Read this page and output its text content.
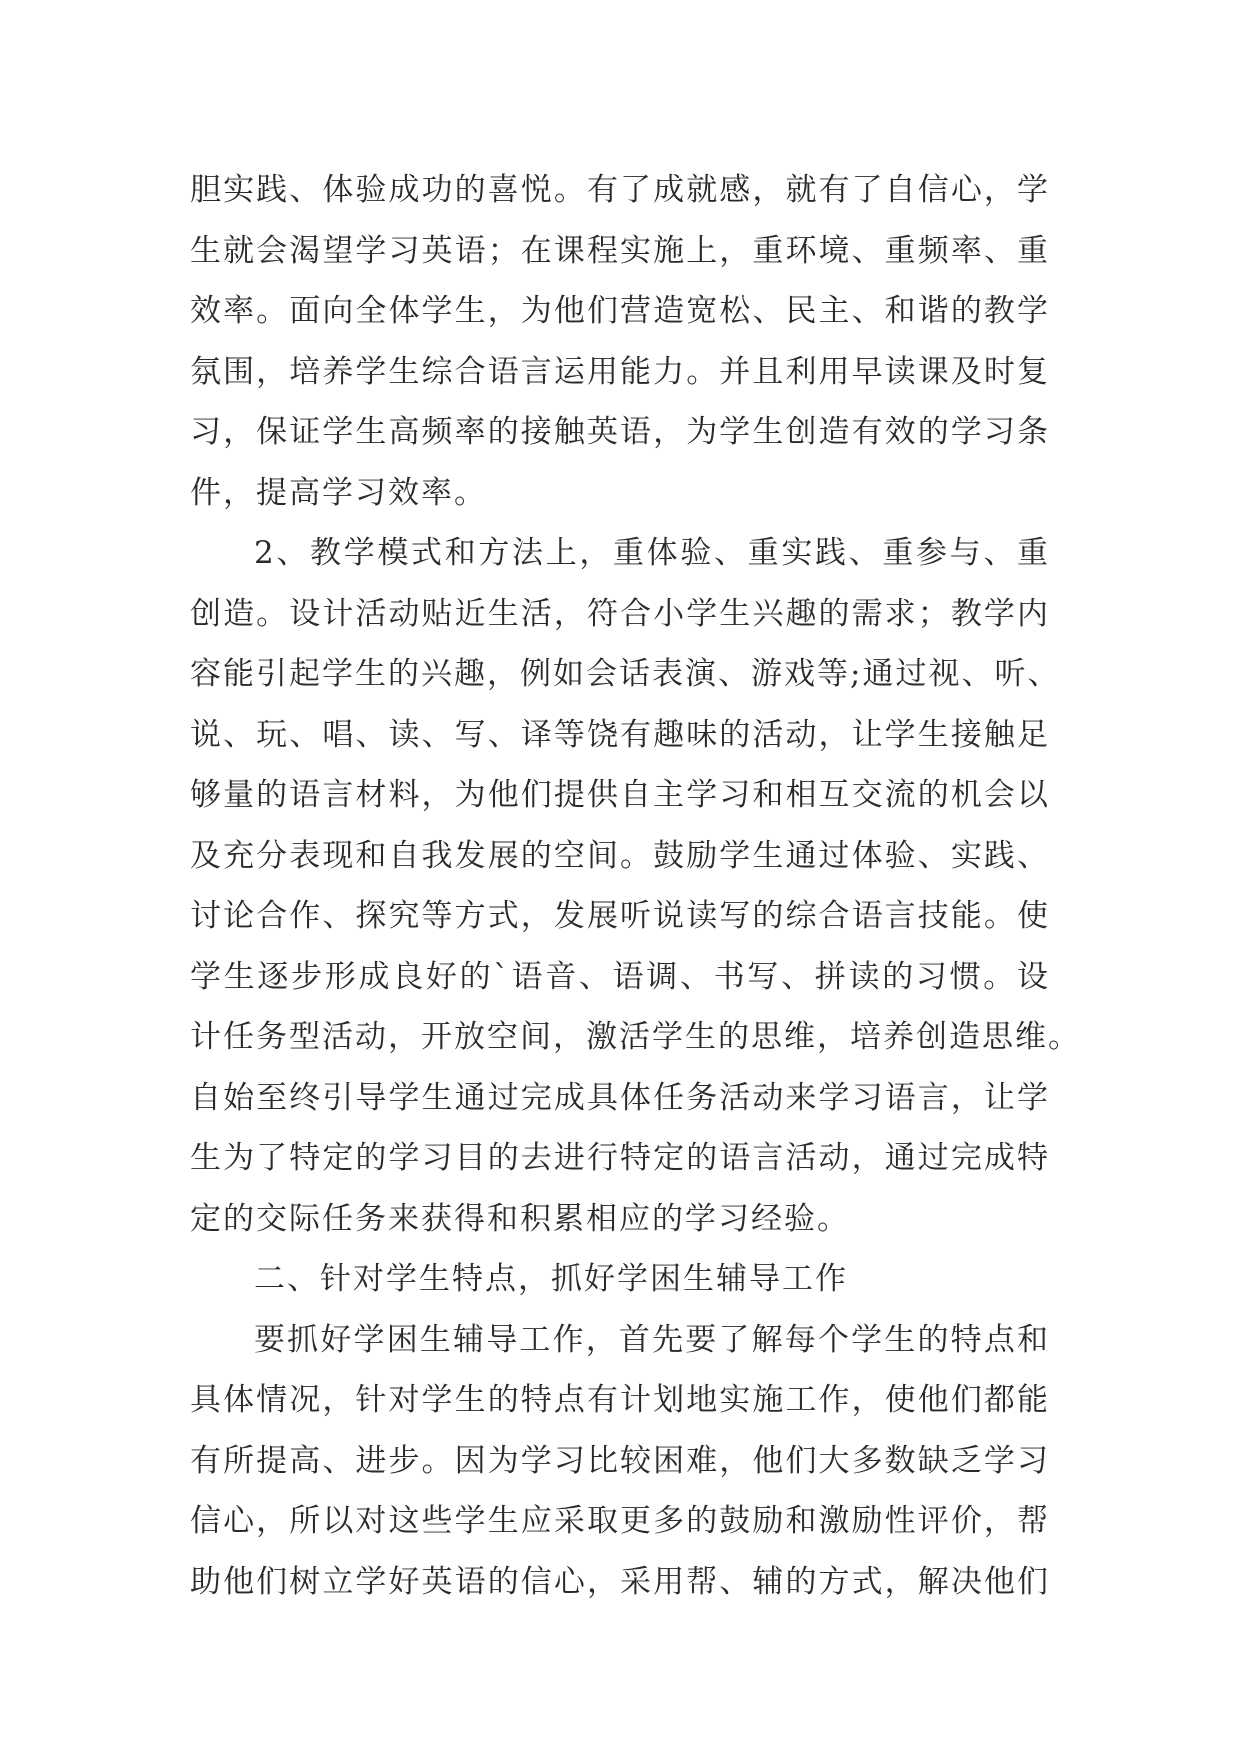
胆实践、体验成功的喜悦。有了成就感，就有了自信心，学
生就会渴望学习英语；在课程实施上，重环境、重频率、重
效率。面向全体学生，为他们营造宽松、民主、和谐的教学
氛围，培养学生综合语言运用能力。并且利用早读课及时复
习，保证学生高频率的接触英语，为学生创造有效的学习条
件，提高学习效率。
2、教学模式和方法上，重体验、重实践、重参与、重
创造。设计活动贴近生活，符合小学生兴趣的需求；教学内
容能引起学生的兴趣，例如会话表演、游戏等;通过视、听、
说、玩、唱、读、写、译等饶有趣味的活动，让学生接触足
够量的语言材料，为他们提供自主学习和相互交流的机会以
及充分表现和自我发展的空间。鼓励学生通过体验、实践、
讨论合作、探究等方式，发展听说读写的综合语言技能。使
学生逐步形成良好的`语音、语调、书写、拼读的习惯。设
计任务型活动，开放空间，激活学生的思维，培养创造思维。
自始至终引导学生通过完成具体任务活动来学习语言，让学
生为了特定的学习目的去进行特定的语言活动，通过完成特
定的交际任务来获得和积累相应的学习经验。
二、针对学生特点，抓好学困生辅导工作
要抓好学困生辅导工作，首先要了解每个学生的特点和
具体情况，针对学生的特点有计划地实施工作，使他们都能
有所提高、进步。因为学习比较困难，他们大多数缺乏学习
信心，所以对这些学生应采取更多的鼓励和激励性评价，帮
助他们树立学好英语的信心，采用帮、辅的方式，解决他们
